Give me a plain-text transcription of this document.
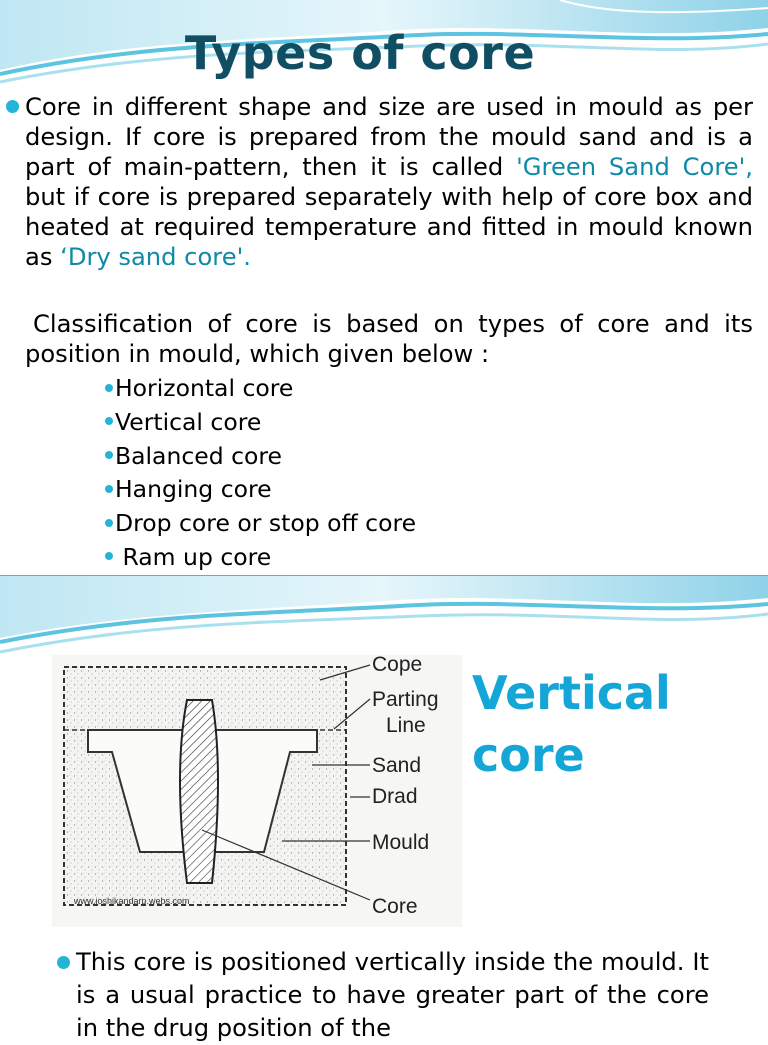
Types of core

Core in different shape and size are used in mould as per design. If core is prepared from the mould sand and is a part of main-pattern, then it is called 'Green Sand Core', but if core is prepared separately with help of core box and heated at required temperature and fitted in mould known as ‘Dry sand core'.

Classification of core is based on types of core and its position in mould, which given below :

Horizontal core
Vertical core
Balanced core
Hanging core
Drop core or stop off core
Ram up core
Cope
Parting
Line
Sand
Drad
Mould
Core
www.joshikandarp.webs.com
Vertical
core

This core is positioned vertically inside the mould. It is a usual practice to have greater part of the core in the drug position of the
